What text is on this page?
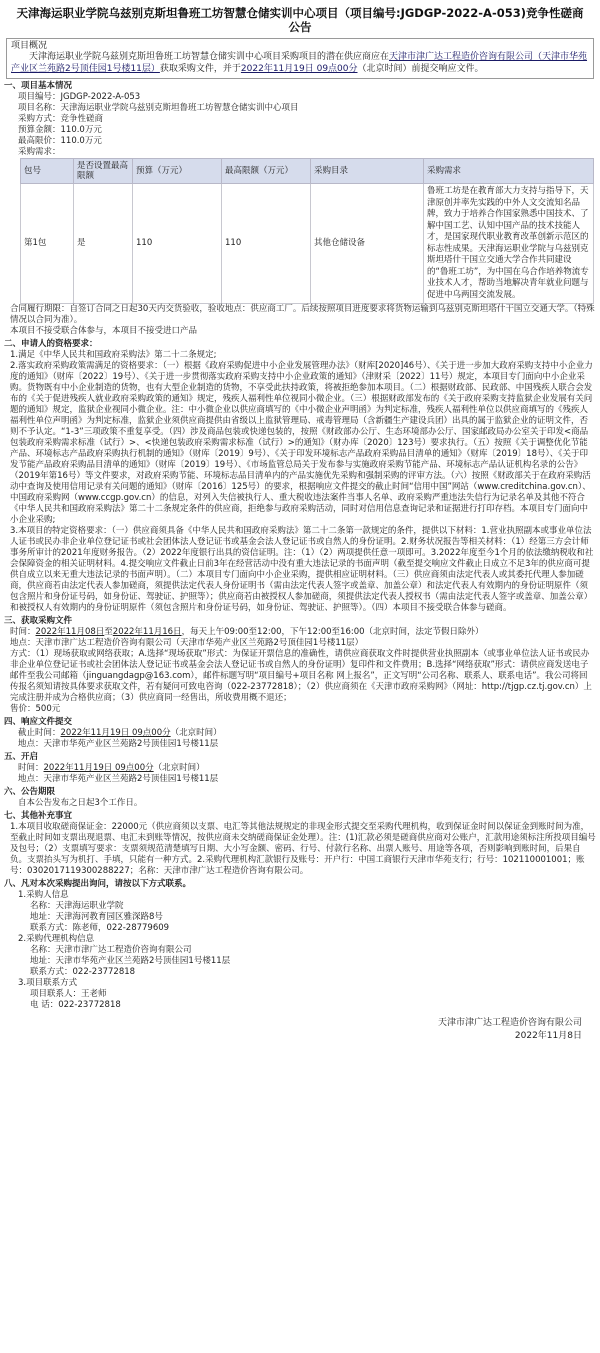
天津海运职业学院乌兹别克斯坦鲁班工坊智慧仓储实训中心项目（项目编号:JGDGP-2022-A-053)竞争性磋商公告
项目概况

天津海运职业学院乌兹别克斯坦鲁班工坊智慧仓储实训中心项目采购项目的潜在供应商应在天津市津广达工程造价咨询有限公司（天津市华苑产业区兰苑路2号顶佳园1号楼11层）获取采购文件，并于2022年11月19日 09点00分（北京时间）前提交响应文件。

一、项目基本情况
项目编号：JGDGP-2022-A-053
项目名称：天津海运职业学院乌兹别克斯坦鲁班工坊智慧仓储实训中心项目
采购方式：竞争性磋商
预算金额：110.0万元
最高限价：110.0万元
采购需求：
包号	是否设置最高限额	预算（万元）	最高限额（万元）	采购目录	采购需求
第1包	是	110	110	其他仓储设备	鲁班工坊是在教育部大力支持与指导下，天津原创并率先实践的中外人文交流知名品牌，致力于培养合作国家熟悉中国技术、了解中国工艺、认知中国产品的技术技能人才，是国家现代职业教育改革创新示范区的标志性成果。天津海运职业学院与乌兹别克斯坦塔什干国立交通大学合作共同建设的“鲁班工坊”，为中国在乌合作培养物流专业技术人才，帮助当地解决青年就业问题与促进中乌两国交流发展。
合同履行期限：自签订合同之日起30天内交货验收，验收地点：供应商工厂。后续按照项目进度要求将货物运输到乌兹别克斯坦塔什干国立交通大学。（特殊情况以合同为准）。
本项目不接受联合体参与，本项目不接受进口产品
二、申请人的资格要求：
1.满足《中华人民共和国政府采购法》第二十二条规定;
2.落实政府采购政策需满足的资格要求：（一）根据《政府采购促进中小企业发展管理办法》（财库[2020]46号）、《关于进一步加大政府采购支持中小企业力度的通知》（财库〔2022〕19号）、《关于进一步贯彻落实政府采购支持中小企业政策的通知》（津财采〔2022〕11号）规定，本项目专门面向中小企业采购。货物既有中小企业制造的货物，也有大型企业制造的货物，不享受此扶持政策，将被拒绝参加本项目。（二）根据财政部、民政部、中国残疾人联合会发布的《关于促进残疾人就业政府采购政策的通知》规定，残疾人福利性单位视同小微企业。（三）根据财政部发布的《关于政府采购支持监狱企业发展有关问题的通知》规定，监狱企业视同小微企业。注：中小微企业以供应商填写的《中小微企业声明函》为判定标准，残疾人福利性单位以供应商填写的《残疾人福利性单位声明函》为判定标准，监狱企业须供应商提供由省级以上监狱管理局、戒毒管理局（含新疆生产建设兵团）出具的属于监狱企业的证明文件，否则不予认定。“1-3”三项政策不重复享受。（四）涉及商品包装或快递包装的，按照《财政部办公厅、生态环境部办公厅、国家邮政局办公室关于印发<商品包装政府采购需求标准（试行）>、<快递包装政府采购需求标准（试行）>的通知》（财办库〔2020〕123号）要求执行。（五）按照《关于调整优化节能产品、环境标志产品政府采购执行机制的通知》（财库〔2019〕9号）、《关于印发环境标志产品政府采购品目清单的通知》（财库〔2019〕18号）、《关于印发节能产品政府采购品目清单的通知》（财库〔2019〕19号）、《市场监管总局关于发布参与实施政府采购节能产品、环境标志产品认证机构名录的公告》（2019年第16号）等文件要求，对政府采购节能、环境标志品目清单内的产品实施优先采购和强制采购的评审方法。（六）按照《财政部关于在政府采购活动中查询及使用信用记录有关问题的通知》（财库〔2016〕125号）的要求，根据响应文件提交的截止时间“信用中国”网站（www.creditchina.gov.cn）、中国政府采购网（www.ccgp.gov.cn）的信息，对列入失信被执行人、重大税收违法案件当事人名单、政府采购严重违法失信行为记录名单及其他不符合《中华人民共和国政府采购法》第二十二条规定条件的供应商，拒绝参与政府采购活动，同时对信用信息查询记录和证据进行打印存档。本项目专门面向中小企业采购;
3.本项目的特定资格要求：（一）供应商须具备《中华人民共和国政府采购法》第二十二条第一款规定的条件，提供以下材料：1.营业执照副本或事业单位法人证书或民办非企业单位登记证书或社会团体法人登记证书或基金会法人登记证书或自然人的身份证明。2.财务状况报告等相关材料：（1）经第三方会计师事务所审计的2021年度财务报告。（2）2022年度银行出具的资信证明。注：（1）（2）两项提供任意一项即可。3.2022年度至今1个月的依法缴纳税收和社会保障资金的相关证明材料。4.提交响应文件截止日前3年在经营活动中没有重大违法记录的书面声明（截至提交响应文件截止日成立不足3年的供应商可提供自成立以来无重大违法记录的书面声明）。（二）本项目专门面向中小企业采购，提供相应证明材料。（三）供应商须由法定代表人或其委托代理人参加磋商，供应商若由法定代表人参加磋商，须提供法定代表人身份证明书（需由法定代表人签字或盖章、加盖公章）和法定代表人有效期内的身份证明原件（须包含照片和身份证号码，如身份证、驾驶证、护照等）；供应商若由被授权人参加磋商，须提供法定代表人授权书（需由法定代表人签字或盖章、加盖公章）和被授权人有效期内的身份证明原件（须包含照片和身份证号码，如身份证、驾驶证、护照等）。（四）本项目不接受联合体参与磋商。
三、获取采购文件
时间：2022年11月08日至2022年11月16日，每天上午09:00至12:00，下午12:00至16:00（北京时间，法定节假日除外）
地点：天津市津广达工程造价咨询有限公司（天津市华苑产业区兰苑路2号顶佳园1号楼11层）
方式：（1）现场获取或网络获取；A.选择“现场获取”形式：为保证开票信息的准确性，请供应商获取文件时提供营业执照副本（或事业单位法人证书或民办非企业单位登记证书或社会团体法人登记证书或基金会法人登记证书或自然人的身份证明）复印件和文件费用；B.选择“网络获取”形式：请供应商发送电子邮件至我公司邮箱（jinguangdagp@163.com），邮件标题写明“项目编号+项目名称 网上报名”，正文写明“公司名称、联系人、联系电话”。我公司将回传报名须知请按具体要求获取文件，若有疑问可致电咨询（022-23772818）；（2）供应商须在《天津市政府采购网》（网址：http://tjgp.cz.tj.gov.cn）上完成注册并成为合格供应商；（3）供应商同一经售出，所收费用概不退还；
售价：500元
四、响应文件提交
截止时间：2022年11月19日 09点00分（北京时间）
地点：天津市华苑产业区兰苑路2号顶佳园1号楼11层
五、开启
时间：2022年11月19日 09点00分（北京时间）
地点：天津市华苑产业区兰苑路2号顶佳园1号楼11层
六、公告期限
自本公告发布之日起3个工作日。
七、其他补充事宜
1.本项目收取磋商保证金：22000元（供应商须以支票、电汇等其他法规规定的非现金形式提交至采购代理机构，收到保证金时间以保证金到账时间为准，至截止时间如支票出现退票、电汇未到账等情况，按供应商未交纳磋商保证金处理）。注：(1)汇款必须是磋商供应商对公账户，汇款用途须标注所投项目编号及包号；（2）支票填写要求：支票须规范清楚填写日期、大小写金额、密码、行号、付款行名称、出票人账号、用途等各项，否则影响到账时间，后果自负。支票抬头写为机打、手填，只能有一种方式。2.采购代理机构汇款银行及账号：开户行：中国工商银行天津市华苑支行；行号：102110001001；账号：0302017119300288227；名称：天津市津广达工程造价咨询有限公司。
八、凡对本次采购提出询问，请按以下方式联系。
1.采购人信息
名称：天津海运职业学院
地址：天津海河教育园区雅深路8号
联系方式：陈老师，022-28779609
2.采购代理机构信息
名称：天津市津广达工程造价咨询有限公司
地址：天津市华苑产业区兰苑路2号顶佳园1号楼11层
联系方式：022-23772818
3.项目联系方式
项目联系人：王老师
电 话：022-23772818
天津市津广达工程造价咨询有限公司
2022年11月8日
